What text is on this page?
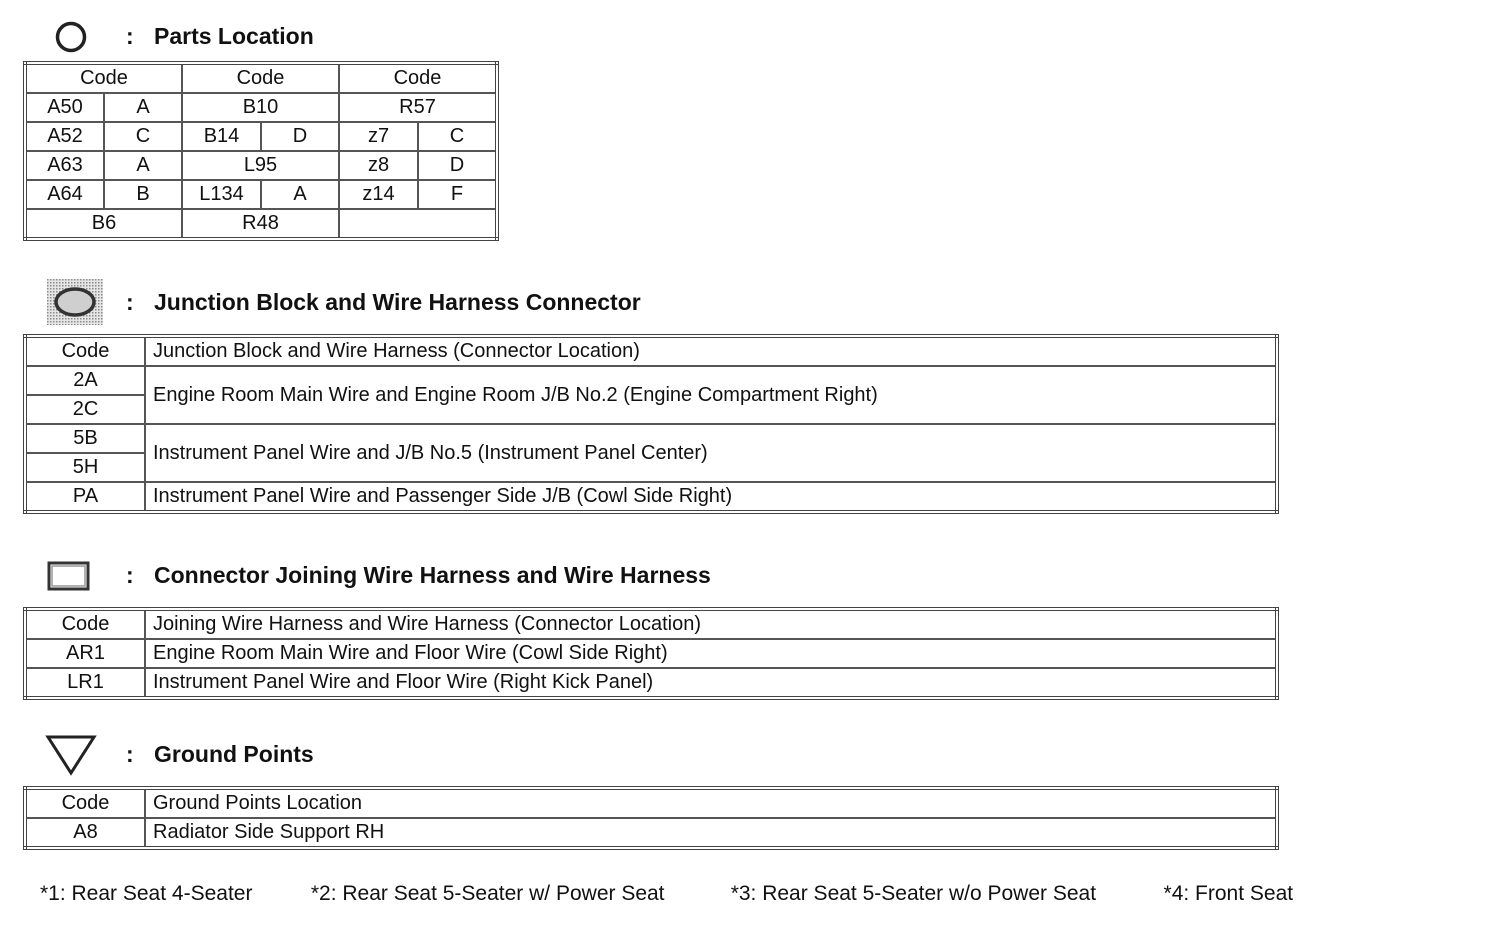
: Parts Location
Code		Code		Code	
A50	A	B10		R57	
A52	C	B14	D	z7	C
A63	A	L95		z8	D
A64	B	L134	A	z14	F
B6		R48			
: Junction Block and Wire Harness Connector
Code	Junction Block and Wire Harness (Connector Location)
2A	Engine Room Main Wire and Engine Room J/B No.2 (Engine Compartment Right)
2C	
5B	Instrument Panel Wire and J/B No.5 (Instrument Panel Center)
5H	
PA	Instrument Panel Wire and Passenger Side J/B (Cowl Side Right)
: Connector Joining Wire Harness and Wire Harness
Code	Joining Wire Harness and Wire Harness (Connector Location)
AR1	Engine Room Main Wire and Floor Wire (Cowl Side Right)
LR1	Instrument Panel Wire and Floor Wire (Right Kick Panel)
: Ground Points
Code	Ground Points Location
A8	Radiator Side Support RH
*1: Rear Seat 4-Seater	*2: Rear Seat 5-Seater w/ Power Seat	*3: Rear Seat 5-Seater w/o Power Seat	*4: Front Seat
